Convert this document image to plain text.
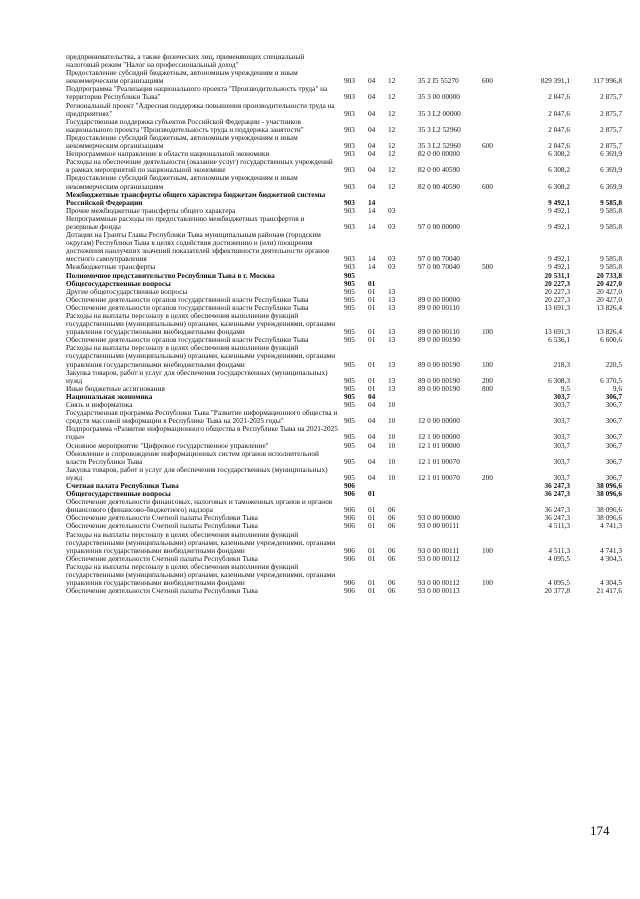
предпринимательства, а также физических лиц, применяющих специальный налоговый режим "Налог на профессиональный доход"							
Предоставление субсидий бюджетным, автономным учреждениям и иным некоммерческим организациям	903	04	12	35 2 I5 55270	600	829 391,1	117 996,8
Подпрограмма "Реализация национального проекта "Производительность труда" на территории Республики Тыва"	903	04	12	35 3 00 00000		2 847,6	2 875,7
Региональный проект "Адресная поддержка повышения производительности труда на предприятиях"	903	04	12	35 3 L2 00000		2 847,6	2 875,7
Государственная поддержка субъектов Российской Федерации - участников национального проекта "Производительность труда и поддержка занятости"	903	04	12	35 3 L2 52960		2 847,6	2 875,7
Предоставление субсидий бюджетным, автономным учреждениям и иным некоммерческим организациям	903	04	12	35 3 L2 52960	600	2 847,6	2 875,7
Непрограммное направление в области национальной экономики	903	04	12	82 0 00 00000		6 308,2	6 369,9
Расходы на обеспечение деятельности (оказание услуг) государственных учреждений в рамках мероприятий по национальной экономике	903	04	12	82 0 00 40590		6 308,2	6 369,9
Предоставление субсидий бюджетным, автономным учреждениям и иным некоммерческим организациям	903	04	12	82 0 00 40590	600	6 308,2	6 369,9
Межбюджетные трансферты общего характера бюджетам бюджетной системы Российской Федерации	903	14				9 492,1	9 585,8
Прочие межбюджетные трансферты общего характера	903	14	03			9 492,1	9 585,8
Непрограммные расходы по предоставлению межбюджетных трансфертов и резервные фонды	903	14	03	97 0 00 00000		9 492,1	9 585,8
Дотации на Гранты Главы Республики Тыва муниципальным районам (городским округам) Республики Тыва в целях содействия достижению и (или) поощрения достижения наилучших значений показателей эффективности деятельности органов местного самоуправления	903	14	03	97 0 00 70040		9 492,1	9 585,8
Межбюджетные трансферты	903	14	03	97 0 00 70040	500	9 492,1	9 585,8
Полномочное представительство Республики Тыва в г. Москва	905					20 531,1	20 733,8
Общегосударственные вопросы	905	01				20 227,3	20 427,0
Другие общегосударственные вопросы	905	01	13			20 227,3	20 427,0
Обеспечение деятельности органов государственной власти Республики Тыва	905	01	13	89 0 00 00000		20 227,3	20 427,0
Обеспечение деятельности органов государственной власти Республики Тыва	905	01	13	89 0 00 00110		13 691,3	13 826,4
Расходы на выплаты персоналу в целях обеспечения выполнения функций государственными (муниципальными) органами, казенными учреждениями, органами управления государственными внебюджетными фондами	905	01	13	89 0 00 00110	100	13 691,3	13 826,4
Обеспечение деятельности органов государственной власти Республики Тыва	905	01	13	89 0 00 00190		6 536,1	6 600,6
Расходы на выплаты персоналу в целях обеспечения выполнения функций государственными (муниципальными) органами, казенными учреждениями, органами управления государственными внебюджетными фондами	905	01	13	89 0 00 00190	100	218,3	220,5
Закупка товаров, работ и услуг для обеспечения государственных (муниципальных) нужд	905	01	13	89 0 00 00190	200	6 308,3	6 370,5
Иные бюджетные ассигнования	905	01	13	89 0 00 00190	800	9,5	9,6
Национальная экономика	905	04				303,7	306,7
Связь и информатика	905	04	10			303,7	306,7
Государственная программа Республики Тыва "Развитие информационного общества и средств массовой информации в Республике Тыва на 2021-2025 годы"	905	04	10	12 0 00 00000		303,7	306,7
Подпрограмма «Развитие информационного общества в Республике Тыва на 2021-2025 годы»	905	04	10	12 1 00 00000		303,7	306,7
Основное мероприятие "Цифровое государственное управление"	905	04	10	12 1 01 00000		303,7	306,7
Обновление и сопровождение информационных систем органов исполнительной власти Республики Тыва	905	04	10	12 1 01 00070		303,7	306,7
Закупка товаров, работ и услуг для обеспечения государственных (муниципальных) нужд	905	04	10	12 1 01 00070	200	303,7	306,7
Счетная палата Республики Тыва	906					36 247,3	38 096,6
Общегосударственные вопросы	906	01				36 247,3	38 096,6
Обеспечение деятельности финансовых, налоговых и таможенных органов и органов финансового (финансово-бюджетного) надзора	906	01	06			36 247,3	38 096,6
Обеспечение деятельности Счетной палаты Республики Тыва	906	01	06	93 0 00 00000		36 247,3	38 096,6
Обеспечение деятельности Счетной палаты Республики Тыва	906	01	06	93 0 00 00111		4 511,3	4 741,3
Расходы на выплаты персоналу в целях обеспечения выполнения функций государственными (муниципальными) органами, казенными учреждениями, органами управления государственными внебюджетными фондами	906	01	06	93 0 00 00111	100	4 511,3	4 741,3
Обеспечение деятельности Счетной палаты Республики Тыва	906	01	06	93 0 00 00112		4 095,5	4 304,5
Расходы на выплаты персоналу в целях обеспечения выполнения функций государственными (муниципальными) органами, казенными учреждениями, органами управления государственными внебюджетными фондами	906	01	06	93 0 00 00112	100	4 095,5	4 304,5
Обеспечение деятельности Счетной палаты Республики Тыва	906	01	06	93 0 00 00113		20 377,8	21 417,6
174
